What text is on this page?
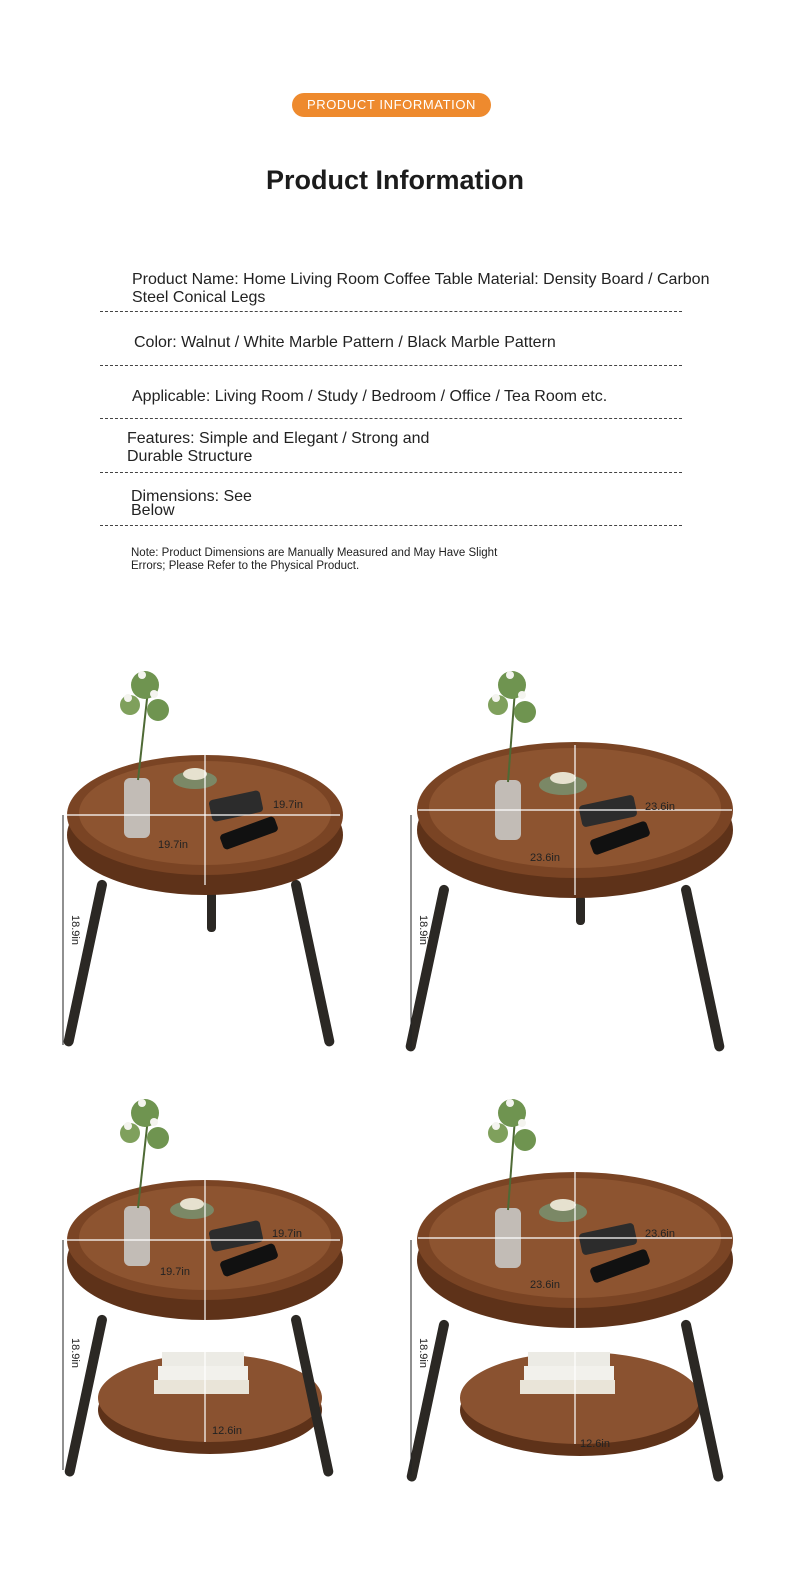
PRODUCT INFORMATION
Product Information
Product Name: Home Living Room Coffee Table Material: Density Board / Carbon Steel Conical Legs
Color: Walnut / White Marble Pattern / Black Marble Pattern
Applicable: Living Room / Study / Bedroom / Office / Tea Room etc.
Features: Simple and Elegant / Strong and Durable Structure
Dimensions: See Below
Note: Product Dimensions are Manually Measured and May Have Slight Errors; Please Refer to the Physical Product.
19.7in
19.7in
18.9in
23.6in
23.6in
18.9in
19.7in
19.7in
18.9in
12.6in
23.6in
23.6in
18.9in
12.6in
